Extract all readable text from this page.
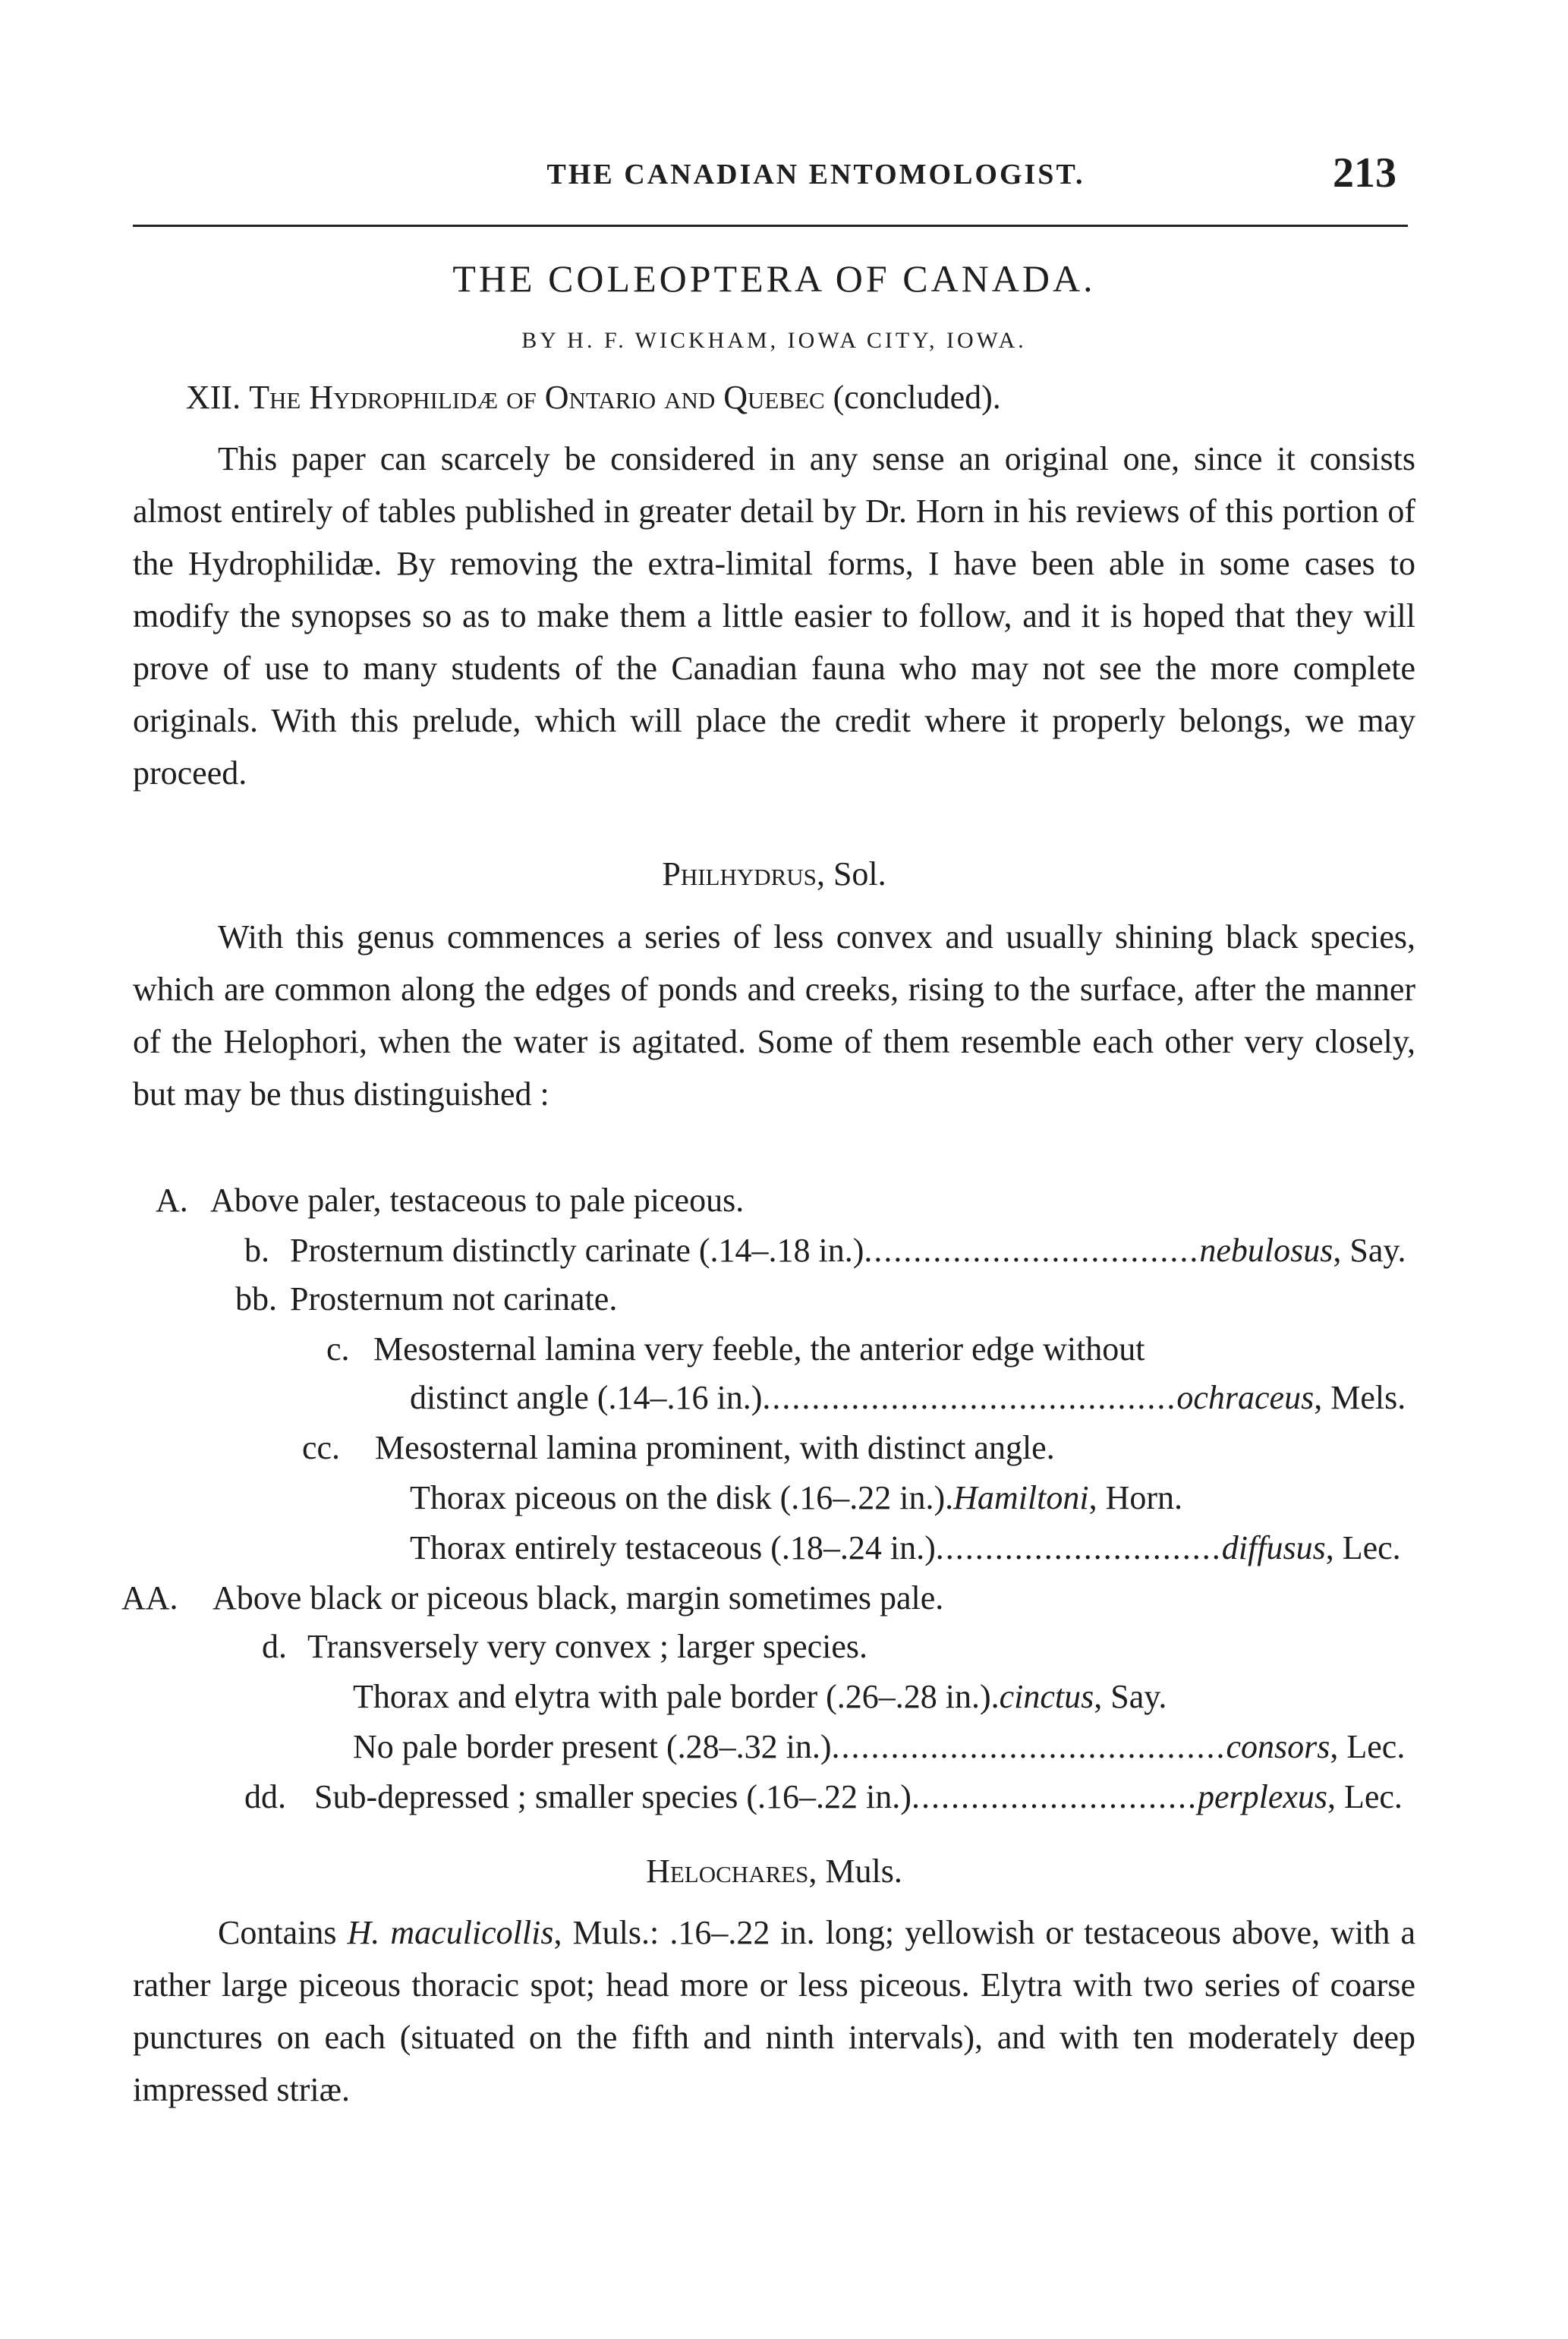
THE CANADIAN ENTOMOLOGIST.	213
THE COLEOPTERA OF CANADA.
BY H. F. WICKHAM, IOWA CITY, IOWA.
XII. The Hydrophilidæ of Ontario and Quebec (concluded).

This paper can scarcely be considered in any sense an original one, since it consists almost entirely of tables published in greater detail by Dr. Horn in his reviews of this portion of the Hydrophilidæ. By removing the extra-limital forms, I have been able in some cases to modify the synopses so as to make them a little easier to follow, and it is hoped that they will prove of use to many students of the Canadian fauna who may not see the more complete originals. With this prelude, which will place the credit where it properly belongs, we may proceed.

Philhydrus, Sol.

With this genus commences a series of less convex and usually shining black species, which are common along the edges of ponds and creeks, rising to the surface, after the manner of the Helophori, when the water is agitated. Some of them resemble each other very closely, but may be thus distinguished :

A. Above paler, testaceous to pale piceous.
b. Prosternum distinctly carinate (.14–.18 in.)..................................nebulosus, Say.
bb. Prosternum not carinate.
c. Mesosternal lamina very feeble, the anterior edge without
distinct angle (.14–.16 in.)..........................................ochraceus, Mels.
cc. Mesosternal lamina prominent, with distinct angle.
Thorax piceous on the disk (.16–.22 in.).Hamiltoni, Horn.
Thorax entirely testaceous (.18–.24 in.).............................diffusus, Lec.
AA. Above black or piceous black, margin sometimes pale.
d. Transversely very convex ; larger species.
Thorax and elytra with pale border (.26–.28 in.).cinctus, Say.
No pale border present (.28–.32 in.)........................................consors, Lec.
dd. Sub-depressed ; smaller species (.16–.22 in.).............................perplexus, Lec.
Helochares, Muls.

Contains H. maculicollis, Muls.: .16–.22 in. long; yellowish or testaceous above, with a rather large piceous thoracic spot; head more or less piceous. Elytra with two series of coarse punctures on each (situated on the fifth and ninth intervals), and with ten moderately deep impressed striæ.
